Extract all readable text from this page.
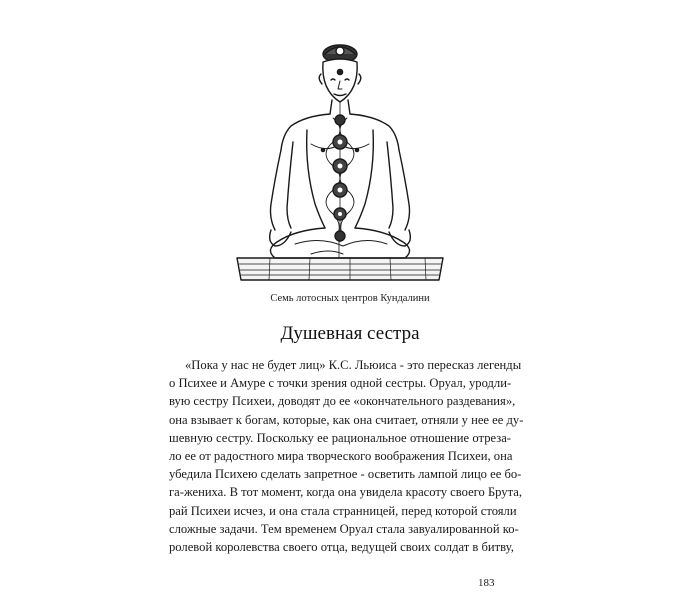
Семь лотосных центров Кундалини
Душевная сестра
«Пока у нас не будет лиц» К.С. Льюиса - это пересказ легенды
о Психее и Амуре с точки зрения одной сестры. Оруал, уродли-
вую сестру Психеи, доводят до ее «окончательного раздевания»,
она взывает к богам, которые, как она считает, отняли у нее ее ду-
шевную сестру. Поскольку ее рациональное отношение отреза-
ло ее от радостного мира творческого воображения Психеи, она
убедила Психею сделать запретное - осветить лампой лицо ее бо-
га-жениха. В тот момент, когда она увидела красоту своего Брута,
рай Психеи исчез, и она стала странницей, перед которой стояли
сложные задачи. Тем временем Оруал стала завуалированной ко-
ролевой королевства своего отца, ведущей своих солдат в битву,
183
